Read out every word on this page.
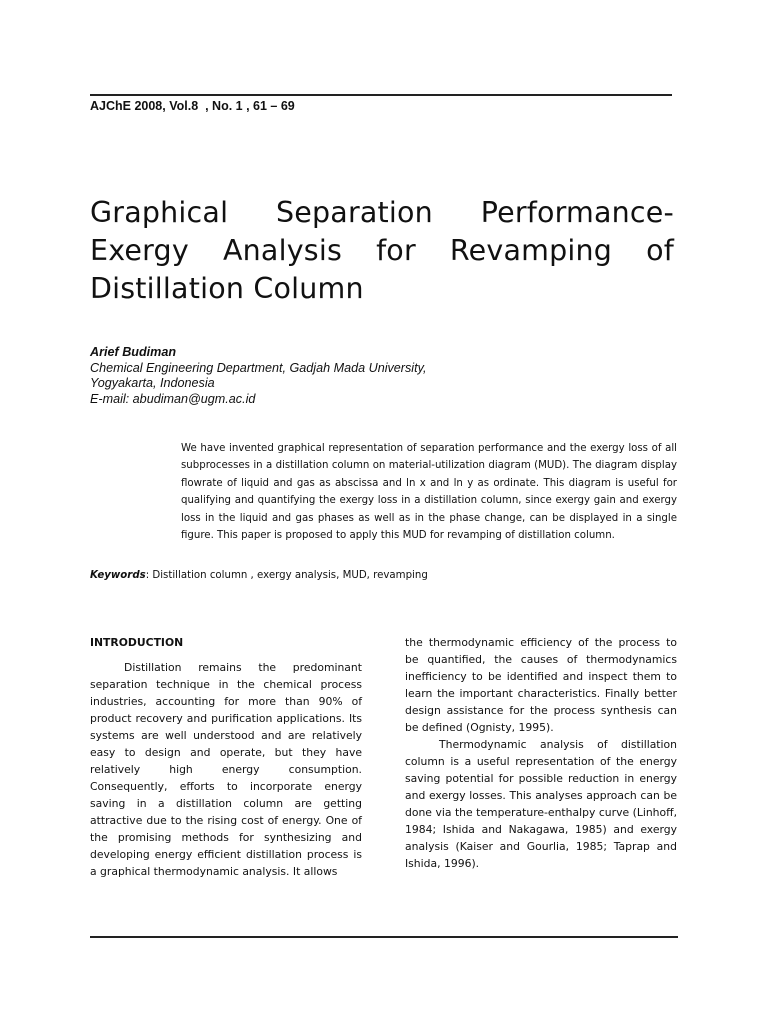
AJChE 2008, Vol.8  , No. 1 , 61 – 69
Graphical Separation Performance-Exergy Analysis for Revamping of Distillation Column
Arief Budiman
Chemical Engineering Department, Gadjah Mada University,
Yogyakarta, Indonesia
E-mail: abudiman@ugm.ac.id

We have invented graphical representation of separation performance and the exergy loss of all subprocesses in a distillation column on material-utilization diagram (MUD). The diagram display flowrate of liquid and gas as abscissa and ln x and ln y as ordinate. This diagram is useful for qualifying and quantifying the exergy loss in a distillation column, since exergy gain and exergy loss in the liquid and gas phases as well as in the phase change, can be displayed in a single figure. This paper is proposed to apply this MUD for revamping of distillation column.

Keywords: Distillation column , exergy analysis, MUD, revamping
INTRODUCTION

Distillation remains the predominant separation technique in the chemical process industries, accounting for more than 90% of product recovery and purification applications. Its systems are well understood and are relatively easy to design and operate, but they have relatively high energy consumption. Consequently, efforts to incorporate energy saving in a distillation column are getting attractive due to the rising cost of energy. One of the promising methods for synthesizing and developing energy efficient distillation process is a graphical thermodynamic analysis. It allows

the thermodynamic efficiency of the process to be quantified, the causes of thermodynamics inefficiency to be identified and inspect them to learn the important characteristics. Finally better design assistance for the process synthesis can be defined (Ognisty, 1995).

Thermodynamic analysis of distillation column is a useful representation of the energy saving potential for possible reduction in energy and exergy losses. This analyses approach can be done via the temperature-enthalpy curve (Linhoff, 1984; Ishida and Nakagawa, 1985) and exergy analysis (Kaiser and Gourlia, 1985; Taprap and Ishida, 1996).
